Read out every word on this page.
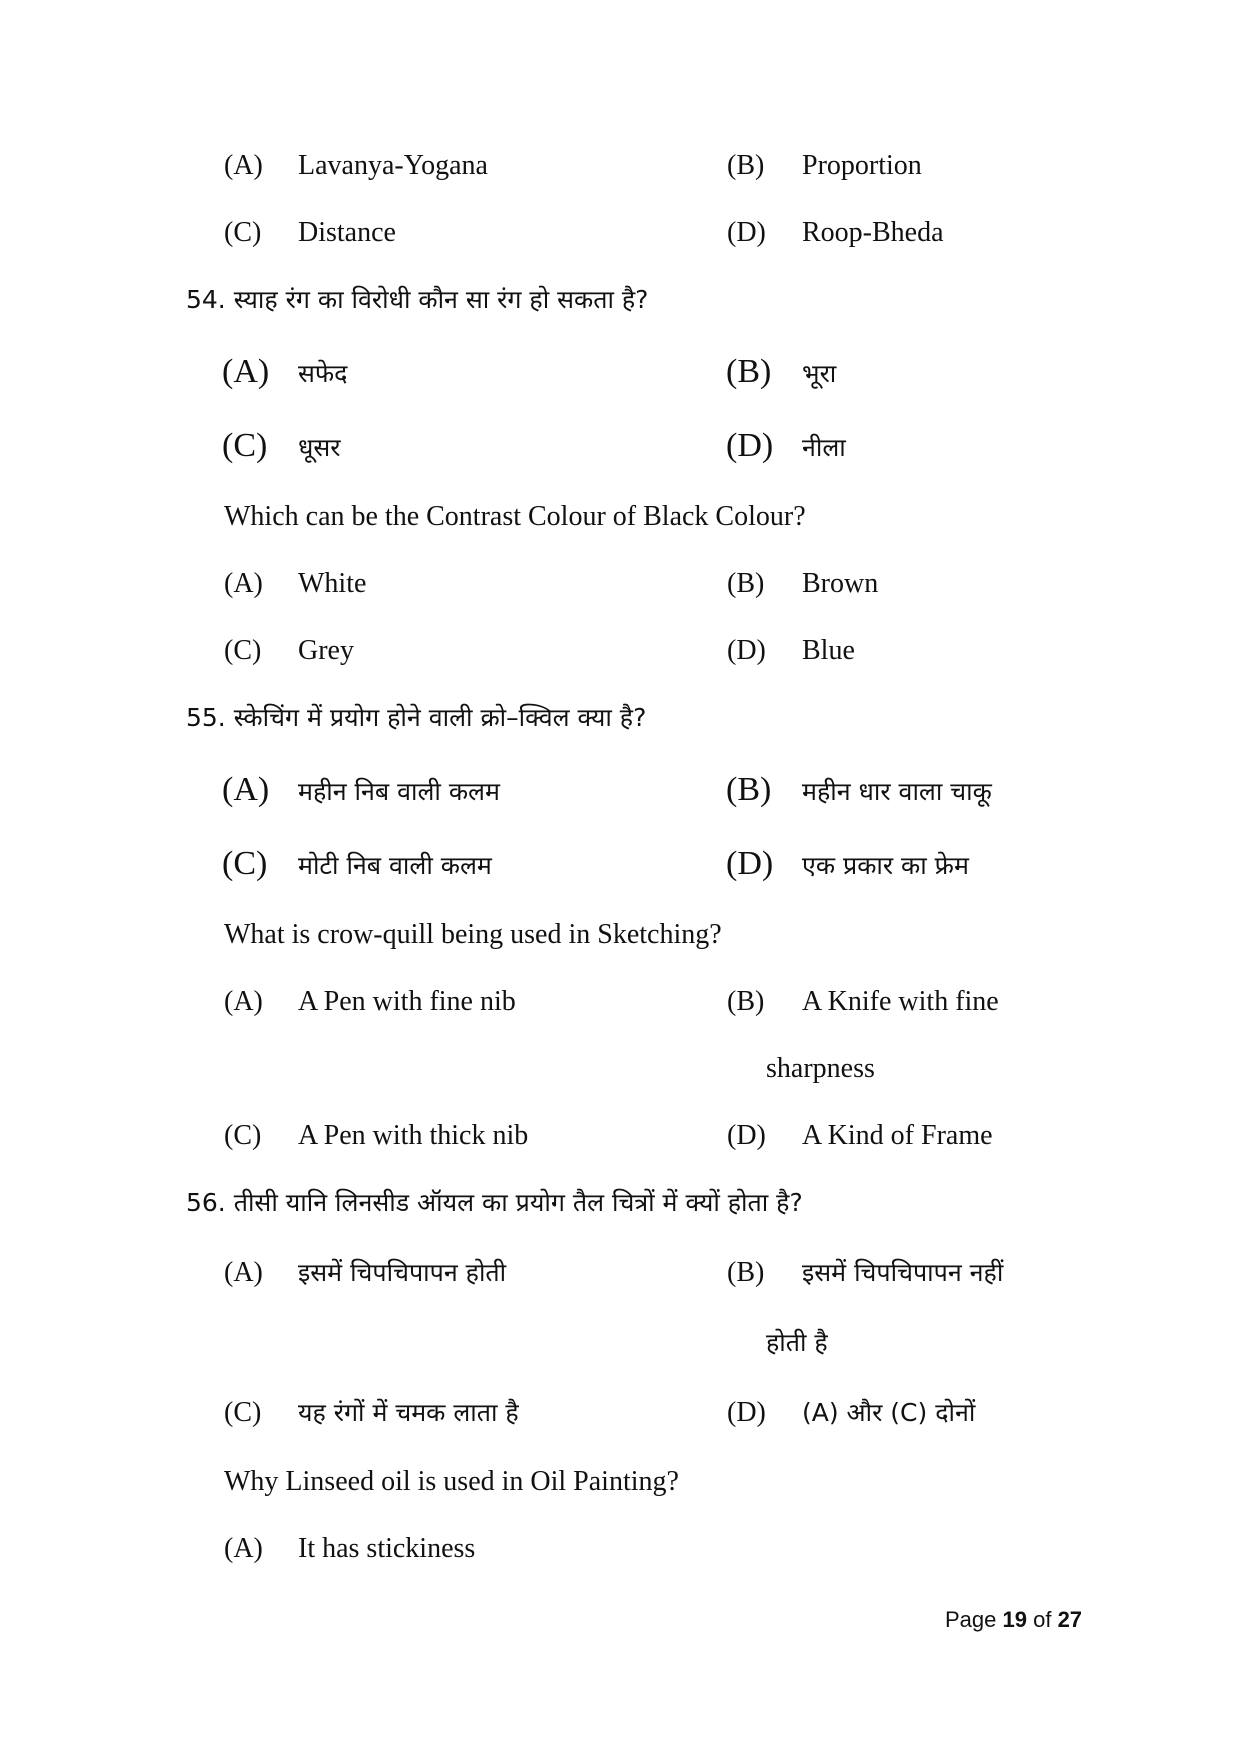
(A) Lavanya-Yogana	(B) Proportion
(C) Distance	(D) Roop-Bheda
54. स्याह रंग का विरोधी कौन सा रंग हो सकता है?
(A) सफेद	(B) भूरा
(C) धूसर	(D) नीला
Which can be the Contrast Colour of Black Colour?
(A) White	(B) Brown
(C) Grey	(D) Blue
55. स्केचिंग में प्रयोग होने वाली क्रो–क्विल क्या है?
(A) महीन निब वाली कलम	(B) महीन धार वाला चाकू
(C) मोटी निब वाली कलम	(D) एक प्रकार का फ्रेम
What is crow-quill being used in Sketching?
(A) A Pen with fine nib	(B) A Knife with fine
sharpness
(C) A Pen with thick nib	(D) A Kind of Frame
56. तीसी यानि लिनसीड ऑयल का प्रयोग तैल चित्रों में क्यों होता है?
(A) इसमें चिपचिपापन होती	(B) इसमें चिपचिपापन नहीं
होती है
(C) यह रंगों में चमक लाता है	(D) (A) और (C) दोनों
Why Linseed oil is used in Oil Painting?
(A) It has stickiness
Page 19 of 27
